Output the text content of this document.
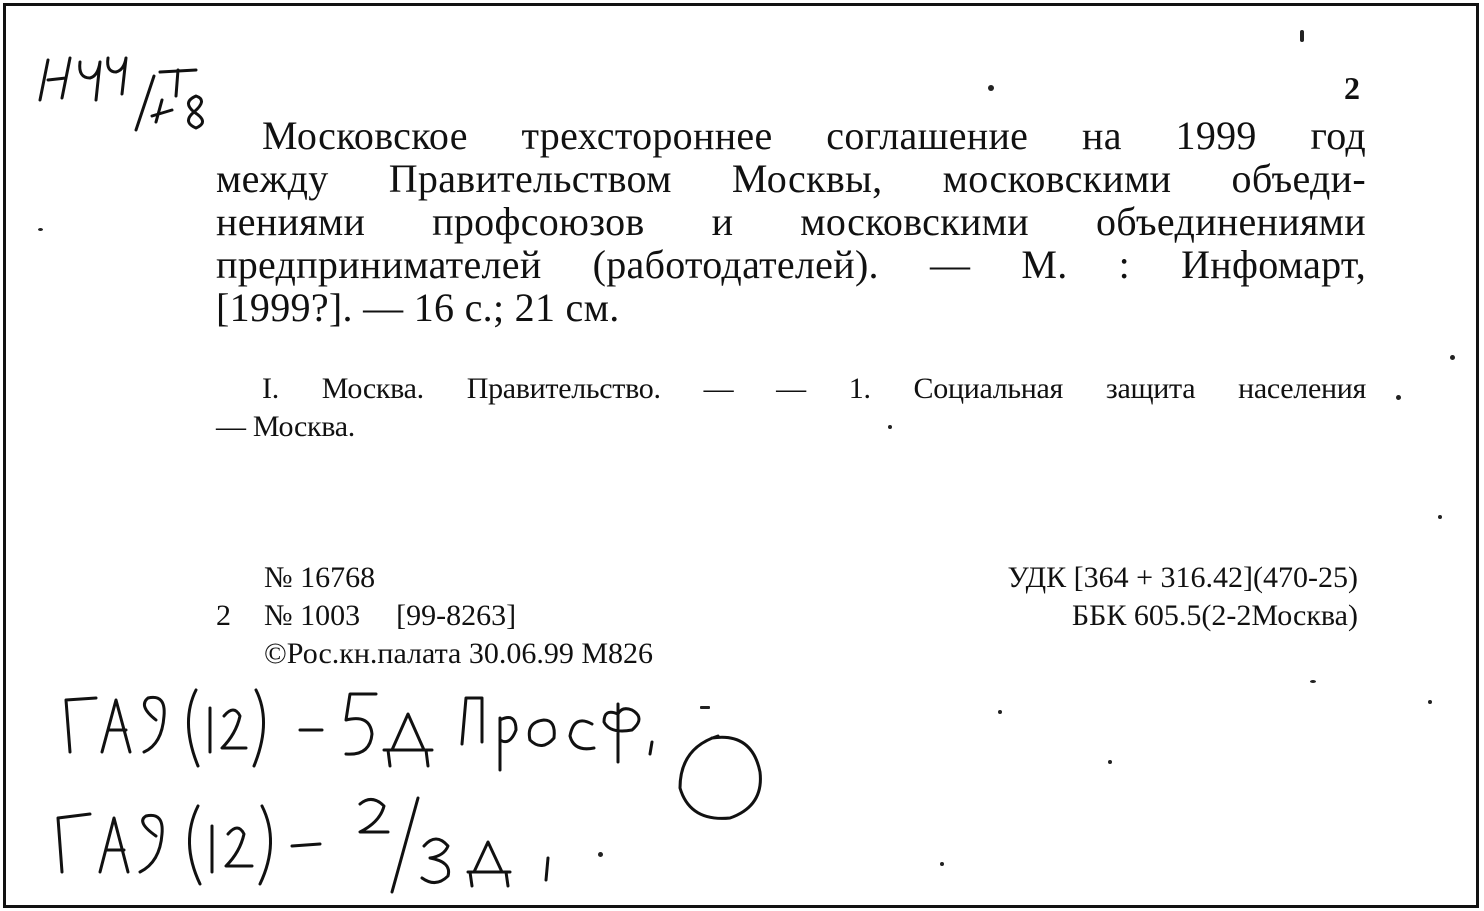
2
Московское трехстороннее соглашение на 1999 год
между Правительством Москвы, московскими объеди-
нениями профсоюзов и московскими объединениями
предпринимателей (работодателей). — М. : Инфомарт,
[1999?]. — 16 с.; 21 см.
I. Москва. Правительство. — — 1. Социальная защита населения
— Москва.
№ 16768
2	№ 1003 [99-8263]
©Рос.кн.палата 30.06.99 М826
УДК [364 + 316.42](470-25)
ББК 605.5(2-2Москва)
